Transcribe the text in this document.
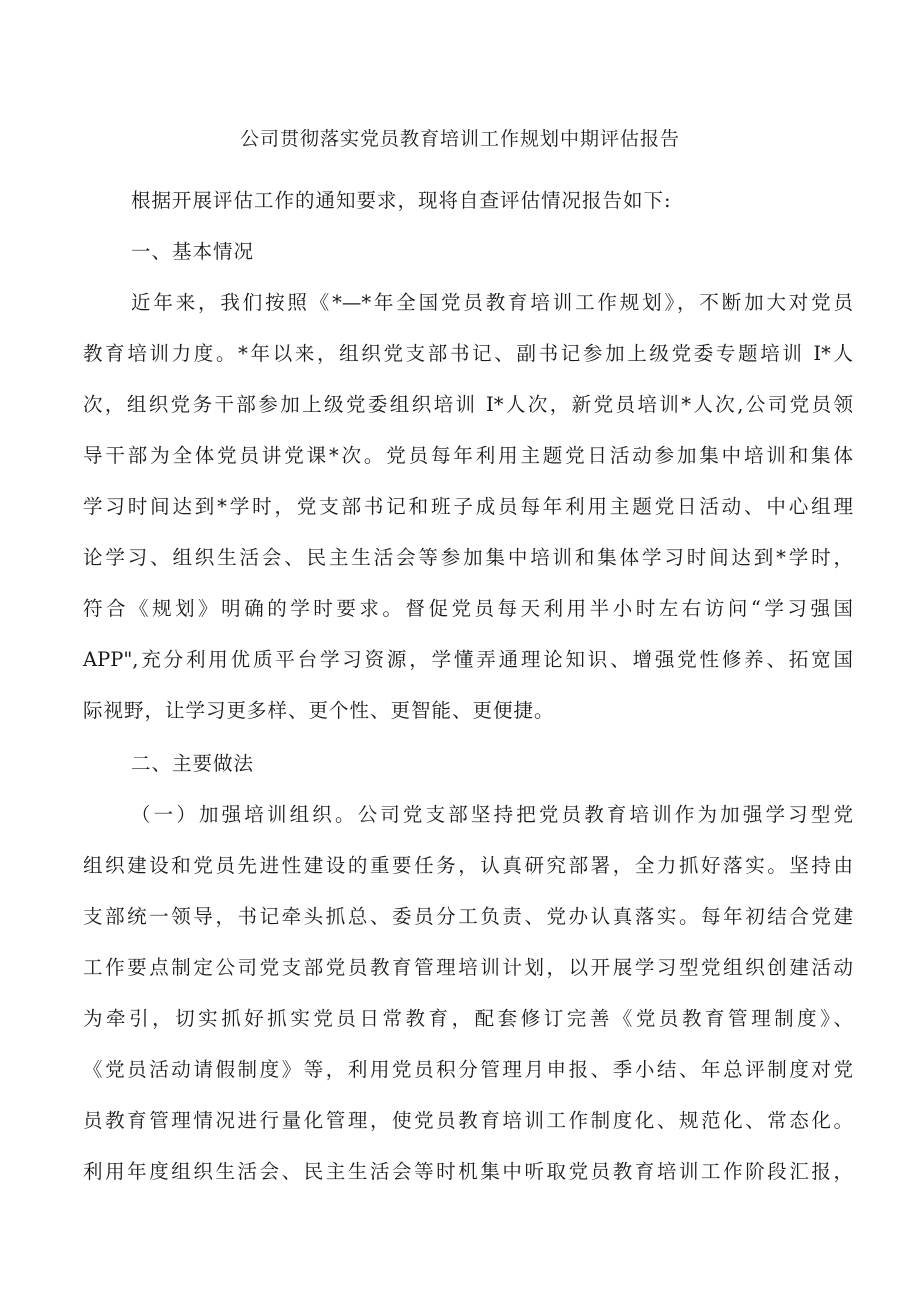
公司贯彻落实党员教育培训工作规划中期评估报告
根据开展评估工作的通知要求，现将自查评估情况报告如下:
一、基本情况
近年来，我们按照《*—*年全国党员教育培训工作规划》，不断加大对党员
教育培训力度。*年以来，组织党支部书记、副书记参加上级党委专题培训 I*人
次，组织党务干部参加上级党委组织培训 I*人次，新党员培训*人次,公司党员领
导干部为全体党员讲党课*次。党员每年利用主题党日活动参加集中培训和集体
学习时间达到*学时，党支部书记和班子成员每年利用主题党日活动、中心组理
论学习、组织生活会、民主生活会等参加集中培训和集体学习时间达到*学时，
符合《规划》明确的学时要求。督促党员每天利用半小时左右访问“学习强国
APP",充分利用优质平台学习资源，学懂弄通理论知识、增强党性修养、拓宽国
际视野，让学习更多样、更个性、更智能、更便捷。
二、主要做法
（一）加强培训组织。公司党支部坚持把党员教育培训作为加强学习型党
组织建设和党员先进性建设的重要任务，认真研究部署，全力抓好落实。坚持由
支部统一领导，书记牵头抓总、委员分工负责、党办认真落实。每年初结合党建
工作要点制定公司党支部党员教育管理培训计划，以开展学习型党组织创建活动
为牵引，切实抓好抓实党员日常教育，配套修订完善《党员教育管理制度》、
《党员活动请假制度》等，利用党员积分管理月申报、季小结、年总评制度对党
员教育管理情况进行量化管理，使党员教育培训工作制度化、规范化、常态化。
利用年度组织生活会、民主生活会等时机集中听取党员教育培训工作阶段汇报，
